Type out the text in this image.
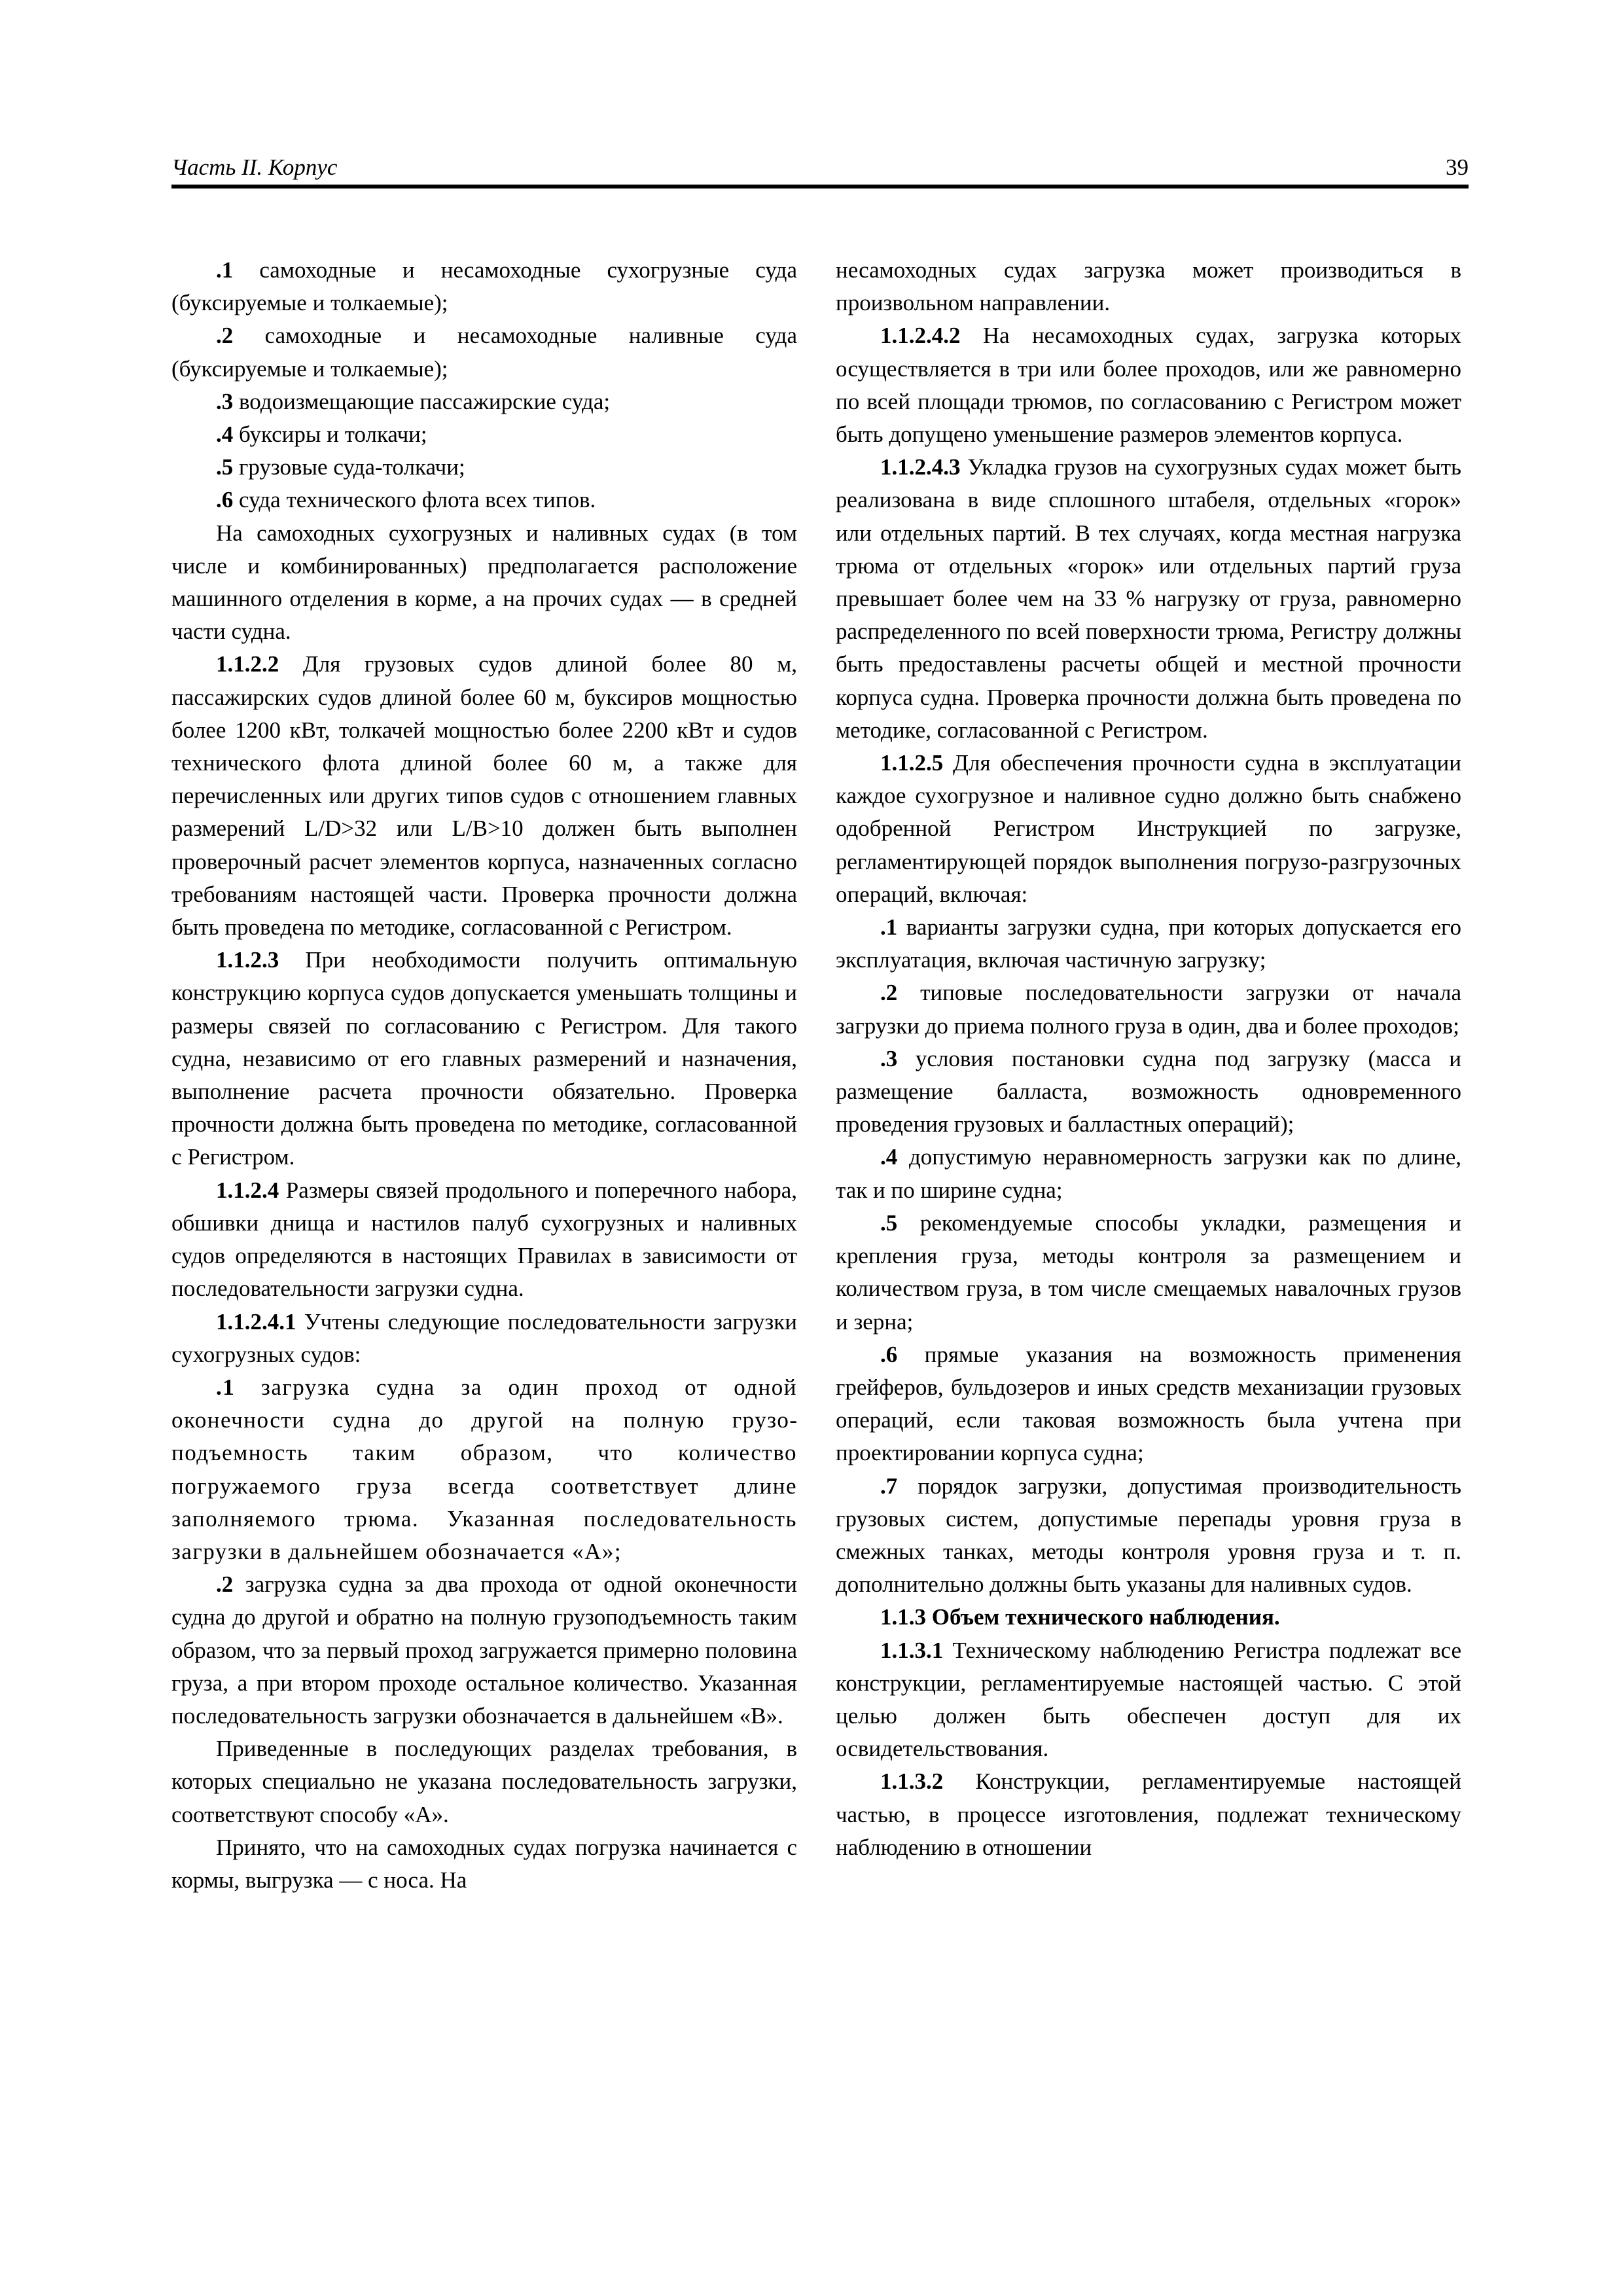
Часть II. Корпус	39

.1 самоходные и несамоходные сухогрузные суда (буксируемые и толкаемые);

.2 самоходные и несамоходные наливные суда (буксируемые и толкаемые);

.3 водоизмещающие пассажирские суда;

.4 буксиры и толкачи;

.5 грузовые суда-толкачи;

.6 суда технического флота всех типов.

На самоходных сухогрузных и наливных судах (в том числе и комбинированных) предполагается расположение машинного отделения в корме, а на прочих судах — в средней части судна.

1.1.2.2 Для грузовых судов длиной более 80 м, пассажирских судов длиной более 60 м, буксиров мощностью более 1200 кВт, толкачей мощностью более 2200 кВт и судов технического флота длиной более 60 м, а также для перечисленных или других типов судов с отношением главных размерений L/D>32 или L/B>10 должен быть выполнен проверочный расчет элементов корпуса, назначенных согласно требованиям настоящей части. Проверка прочности должна быть проведена по методике, согласованной с Регистром.

1.1.2.3 При необходимости получить оптимальную конструкцию корпуса судов допускается уменьшать толщины и размеры связей по согласованию с Регистром. Для такого судна, независимо от его главных размерений и назначения, выполнение расчета прочности обязательно. Проверка прочности должна быть проведена по методике, согласованной с Регистром.

1.1.2.4 Размеры связей продольного и поперечного набора, обшивки днища и настилов палуб сухогрузных и наливных судов определяются в настоящих Правилах в зависимости от последовательности загрузки судна.

1.1.2.4.1 Учтены следующие последовательности загрузки сухогрузных судов:

.1 загрузка судна за один проход от одной оконечности судна до другой на полную грузоподъемность таким образом, что количество погружаемого груза всегда соответствует длине заполняемого трюма. Указанная последовательность загрузки в дальнейшем обозначается «А»;

.2 загрузка судна за два прохода от одной оконечности судна до другой и обратно на полную грузоподъемность таким образом, что за первый проход загружается примерно половина груза, а при втором проходе остальное количество. Указанная последовательность загрузки обозначается в дальнейшем «В».

Приведенные в последующих разделах требования, в которых специально не указана последовательность загрузки, соответствуют способу «А».

Принято, что на самоходных судах погрузка начинается с кормы, выгрузка — с носа. На

несамоходных судах загрузка может производиться в произвольном направлении.

1.1.2.4.2 На несамоходных судах, загрузка которых осуществляется в три или более проходов, или же равномерно по всей площади трюмов, по согласованию с Регистром может быть допущено уменьшение размеров элементов корпуса.

1.1.2.4.3 Укладка грузов на сухогрузных судах может быть реализована в виде сплошного штабеля, отдельных «горок» или отдельных партий. В тех случаях, когда местная нагрузка трюма от отдельных «горок» или отдельных партий груза превышает более чем на 33 % нагрузку от груза, равномерно распределенного по всей поверхности трюма, Регистру должны быть предоставлены расчеты общей и местной прочности корпуса судна. Проверка прочности должна быть проведена по методике, согласованной с Регистром.

1.1.2.5 Для обеспечения прочности судна в эксплуатации каждое сухогрузное и наливное судно должно быть снабжено одобренной Регистром Инструкцией по загрузке, регламентирующей порядок выполнения погрузо-разгрузочных операций, включая:

.1 варианты загрузки судна, при которых допускается его эксплуатация, включая частичную загрузку;

.2 типовые последовательности загрузки от начала загрузки до приема полного груза в один, два и более проходов;

.3 условия постановки судна под загрузку (масса и размещение балласта, возможность одновременного проведения грузовых и балластных операций);

.4 допустимую неравномерность загрузки как по длине, так и по ширине судна;

.5 рекомендуемые способы укладки, размещения и крепления груза, методы контроля за размещением и количеством груза, в том числе смещаемых навалочных грузов и зерна;

.6 прямые указания на возможность применения грейферов, бульдозеров и иных средств механизации грузовых операций, если таковая возможность была учтена при проектировании корпуса судна;

.7 порядок загрузки, допустимая производительность грузовых систем, допустимые перепады уровня груза в смежных танках, методы контроля уровня груза и т. п. дополнительно должны быть указаны для наливных судов.

1.1.3 Объем технического наблюдения.

1.1.3.1 Техническому наблюдению Регистра подлежат все конструкции, регламентируемые настоящей частью. С этой целью должен быть обеспечен доступ для их освидетельствования.

1.1.3.2 Конструкции, регламентируемые настоящей частью, в процессе изготовления, подлежат техническому наблюдению в отношении
